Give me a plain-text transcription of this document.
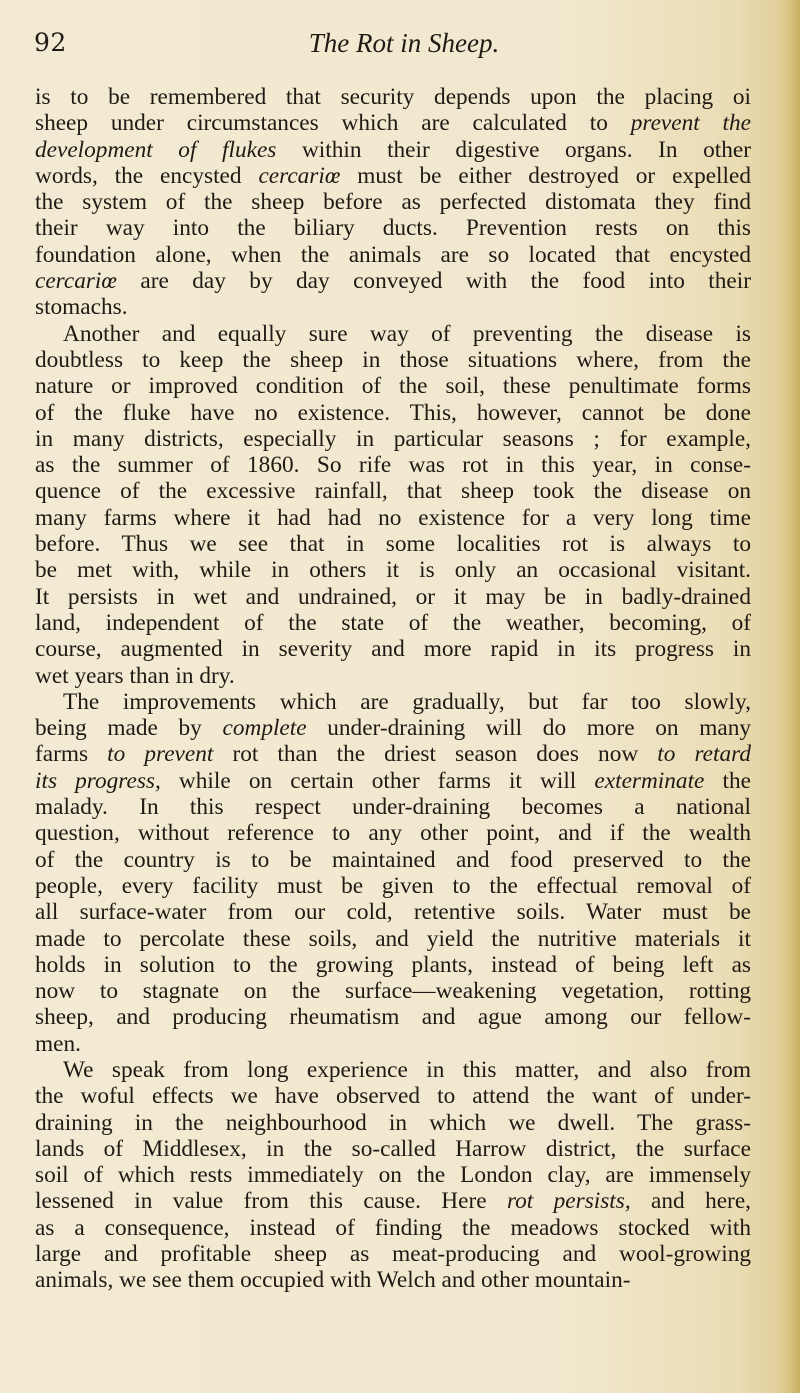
92	The Rot in Sheep.
is to be remembered that security depends upon the placing oi
sheep under circumstances which are calculated to prevent the
development of flukes within their digestive organs. In other
words, the encysted cercariœ must be either destroyed or expelled
the system of the sheep before as perfected distomata they find
their way into the biliary ducts. Prevention rests on this
foundation alone, when the animals are so located that encysted
cercariœ are day by day conveyed with the food into their
stomachs.
Another and equally sure way of preventing the disease is
doubtless to keep the sheep in those situations where, from the
nature or improved condition of the soil, these penultimate forms
of the fluke have no existence. This, however, cannot be done
in many districts, especially in particular seasons ; for example,
as the summer of 1860. So rife was rot in this year, in conse-
quence of the excessive rainfall, that sheep took the disease on
many farms where it had had no existence for a very long time
before. Thus we see that in some localities rot is always to
be met with, while in others it is only an occasional visitant.
It persists in wet and undrained, or it may be in badly-drained
land, independent of the state of the weather, becoming, of
course, augmented in severity and more rapid in its progress in
wet years than in dry.
The improvements which are gradually, but far too slowly,
being made by complete under-draining will do more on many
farms to prevent rot than the driest season does now to retard
its progress, while on certain other farms it will exterminate the
malady. In this respect under-draining becomes a national
question, without reference to any other point, and if the wealth
of the country is to be maintained and food preserved to the
people, every facility must be given to the effectual removal of
all surface-water from our cold, retentive soils. Water must be
made to percolate these soils, and yield the nutritive materials it
holds in solution to the growing plants, instead of being left as
now to stagnate on the surface—weakening vegetation, rotting
sheep, and producing rheumatism and ague among our fellow-
men.
We speak from long experience in this matter, and also from
the woful effects we have observed to attend the want of under-
draining in the neighbourhood in which we dwell. The grass-
lands of Middlesex, in the so-called Harrow district, the surface
soil of which rests immediately on the London clay, are immensely
lessened in value from this cause. Here rot persists, and here,
as a consequence, instead of finding the meadows stocked with
large and profitable sheep as meat-producing and wool-growing
animals, we see them occupied with Welch and other mountain-
